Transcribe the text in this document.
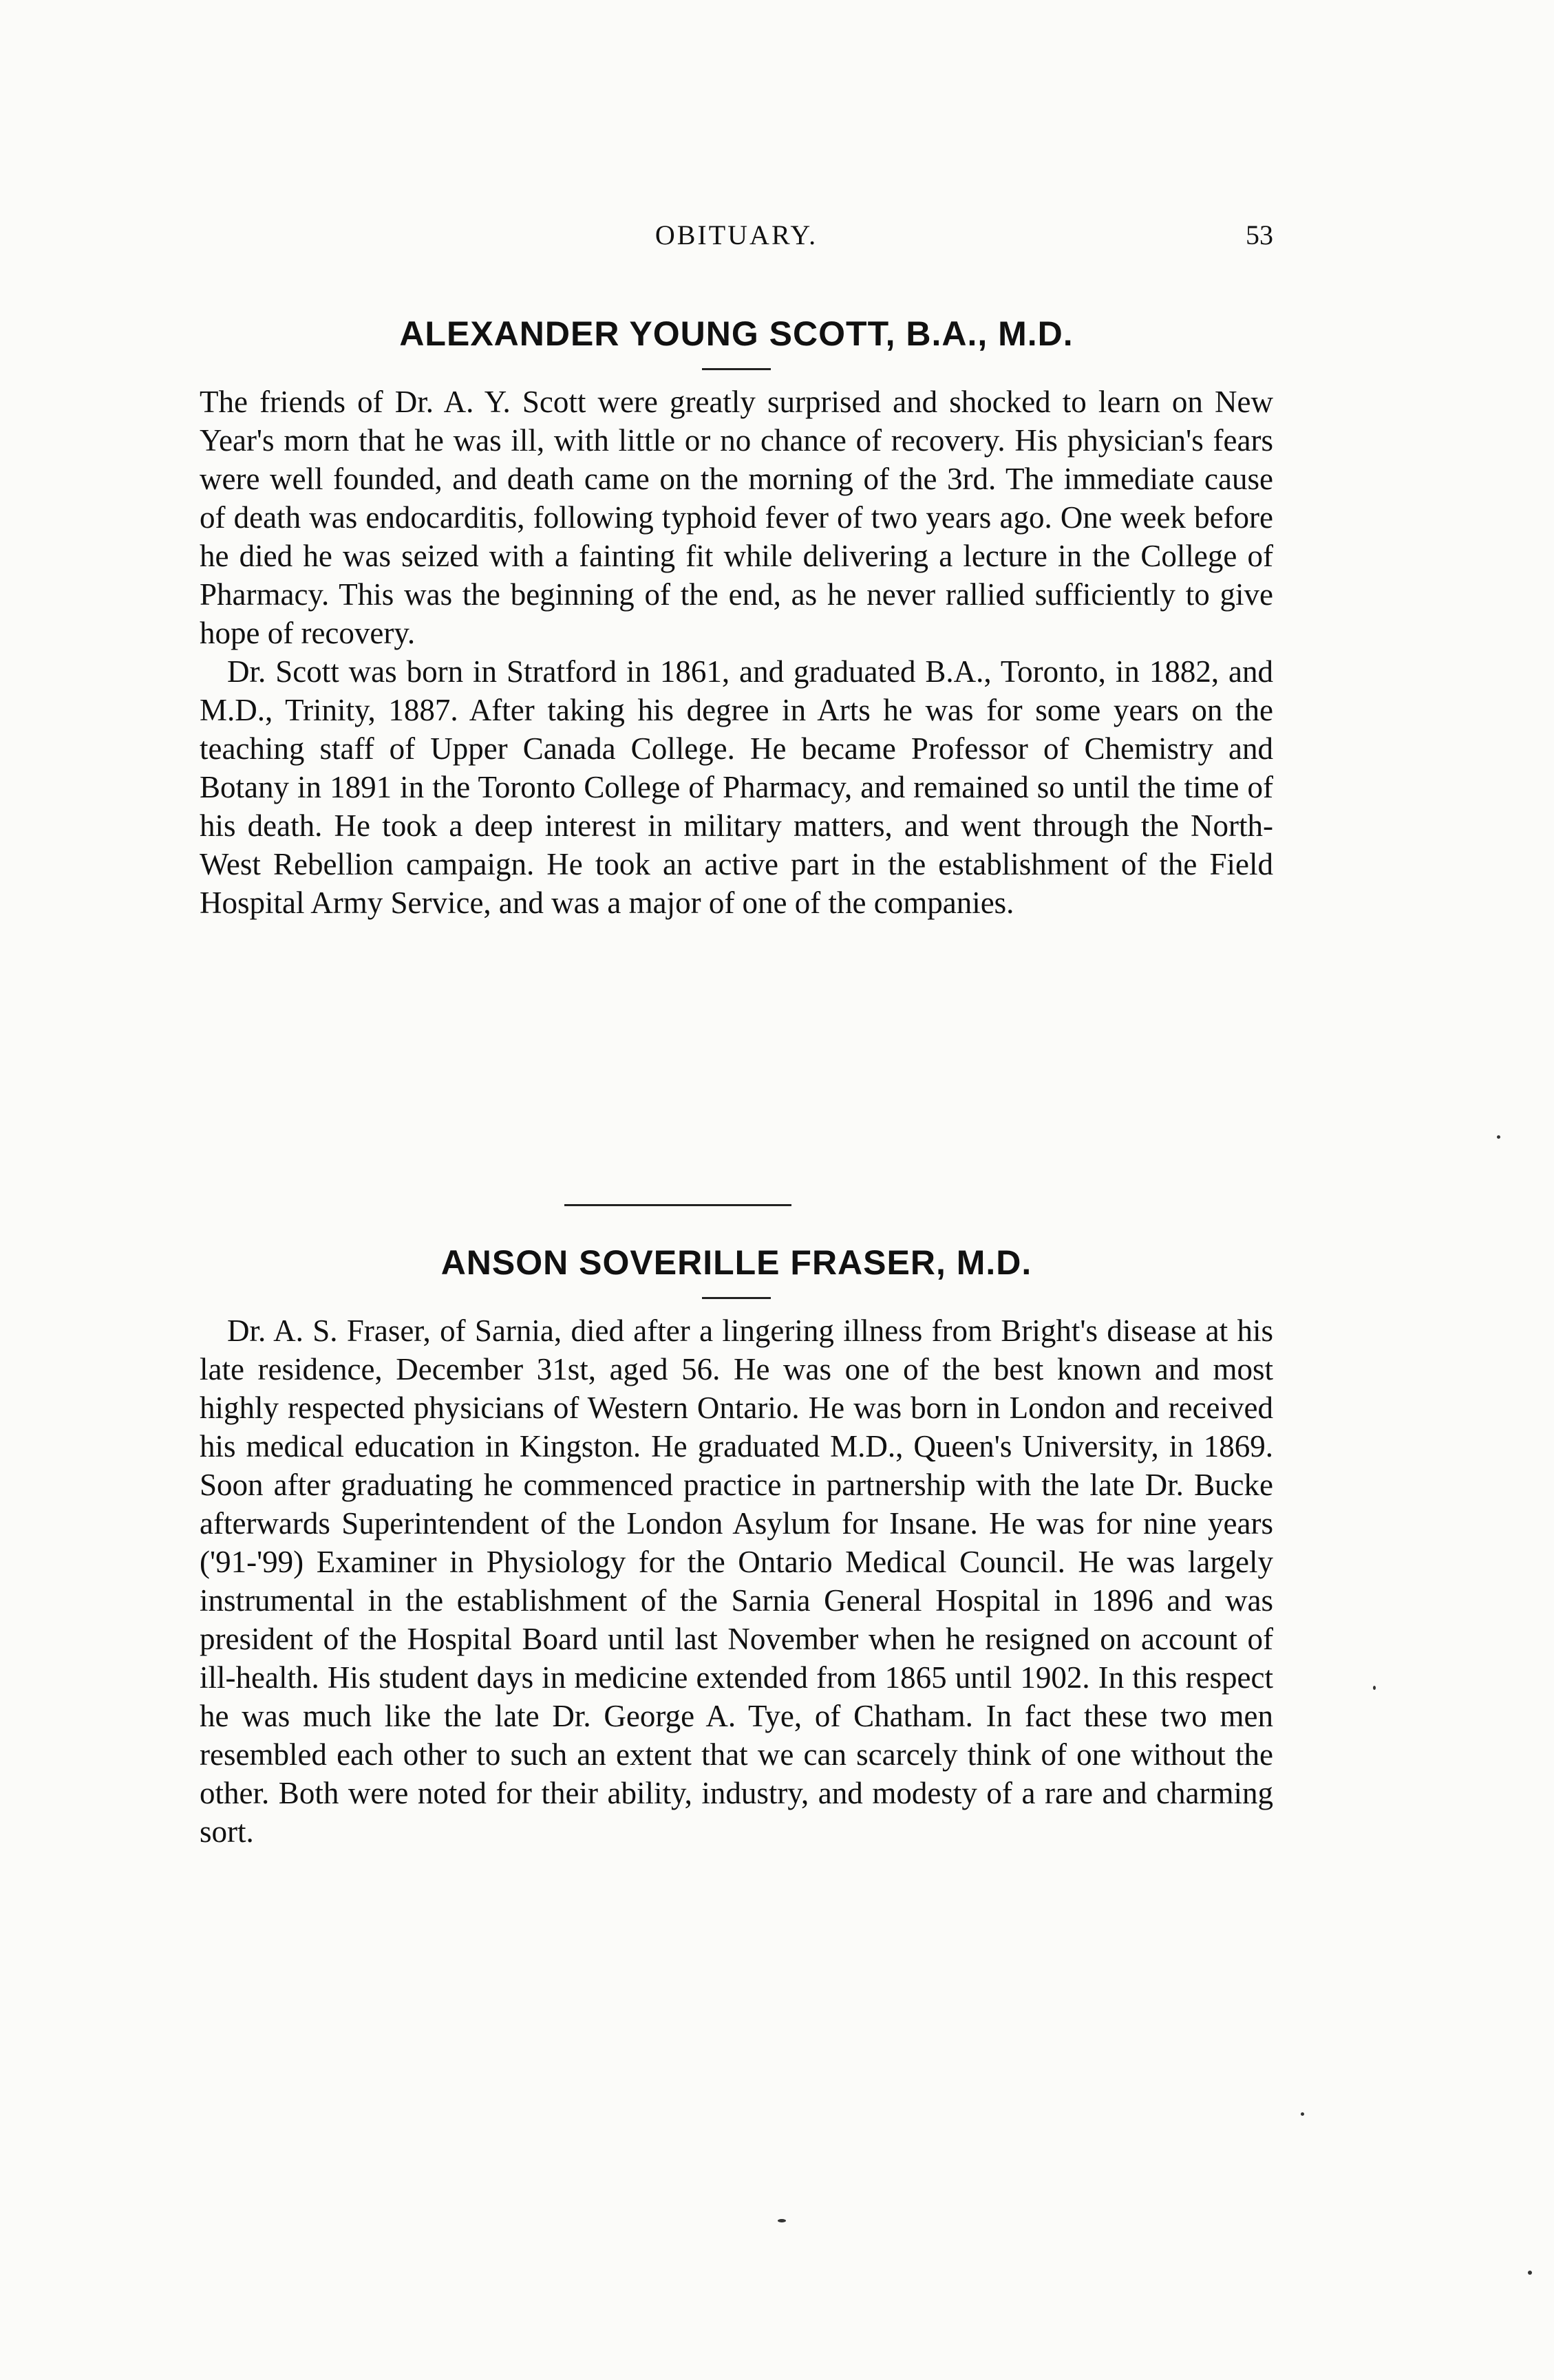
OBITUARY.	53
ALEXANDER YOUNG SCOTT, B.A., M.D.

The friends of Dr. A. Y. Scott were greatly surprised and shocked to learn on New Year's morn that he was ill, with little or no chance of recovery. His physician's fears were well founded, and death came on the morning of the 3rd. The immediate cause of death was endocarditis, following typhoid fever of two years ago. One week before he died he was seized with a fainting fit while delivering a lecture in the College of Pharmacy. This was the beginning of the end, as he never rallied sufficiently to give hope of recovery.

Dr. Scott was born in Stratford in 1861, and graduated B.A., Toronto, in 1882, and M.D., Trinity, 1887. After taking his degree in Arts he was for some years on the teaching staff of Upper Canada College. He became Professor of Chemistry and Botany in 1891 in the Toronto College of Pharmacy, and remained so until the time of his death. He took a deep interest in military matters, and went through the North-West Rebellion campaign. He took an active part in the establishment of the Field Hospital Army Service, and was a major of one of the companies.

ANSON SOVERILLE FRASER, M.D.

Dr. A. S. Fraser, of Sarnia, died after a lingering illness from Bright's disease at his late residence, December 31st, aged 56. He was one of the best known and most highly respected physicians of Western Ontario. He was born in London and received his medical education in Kingston. He graduated M.D., Queen's University, in 1869. Soon after graduating he commenced practice in partnership with the late Dr. Bucke afterwards Superintendent of the London Asylum for Insane. He was for nine years ('91-'99) Examiner in Physiology for the Ontario Medical Council. He was largely instrumental in the establishment of the Sarnia General Hospital in 1896 and was president of the Hospital Board until last November when he resigned on account of ill-health. His student days in medicine extended from 1865 until 1902. In this respect he was much like the late Dr. George A. Tye, of Chatham. In fact these two men resembled each other to such an extent that we can scarcely think of one without the other. Both were noted for their ability, industry, and modesty of a rare and charming sort.
